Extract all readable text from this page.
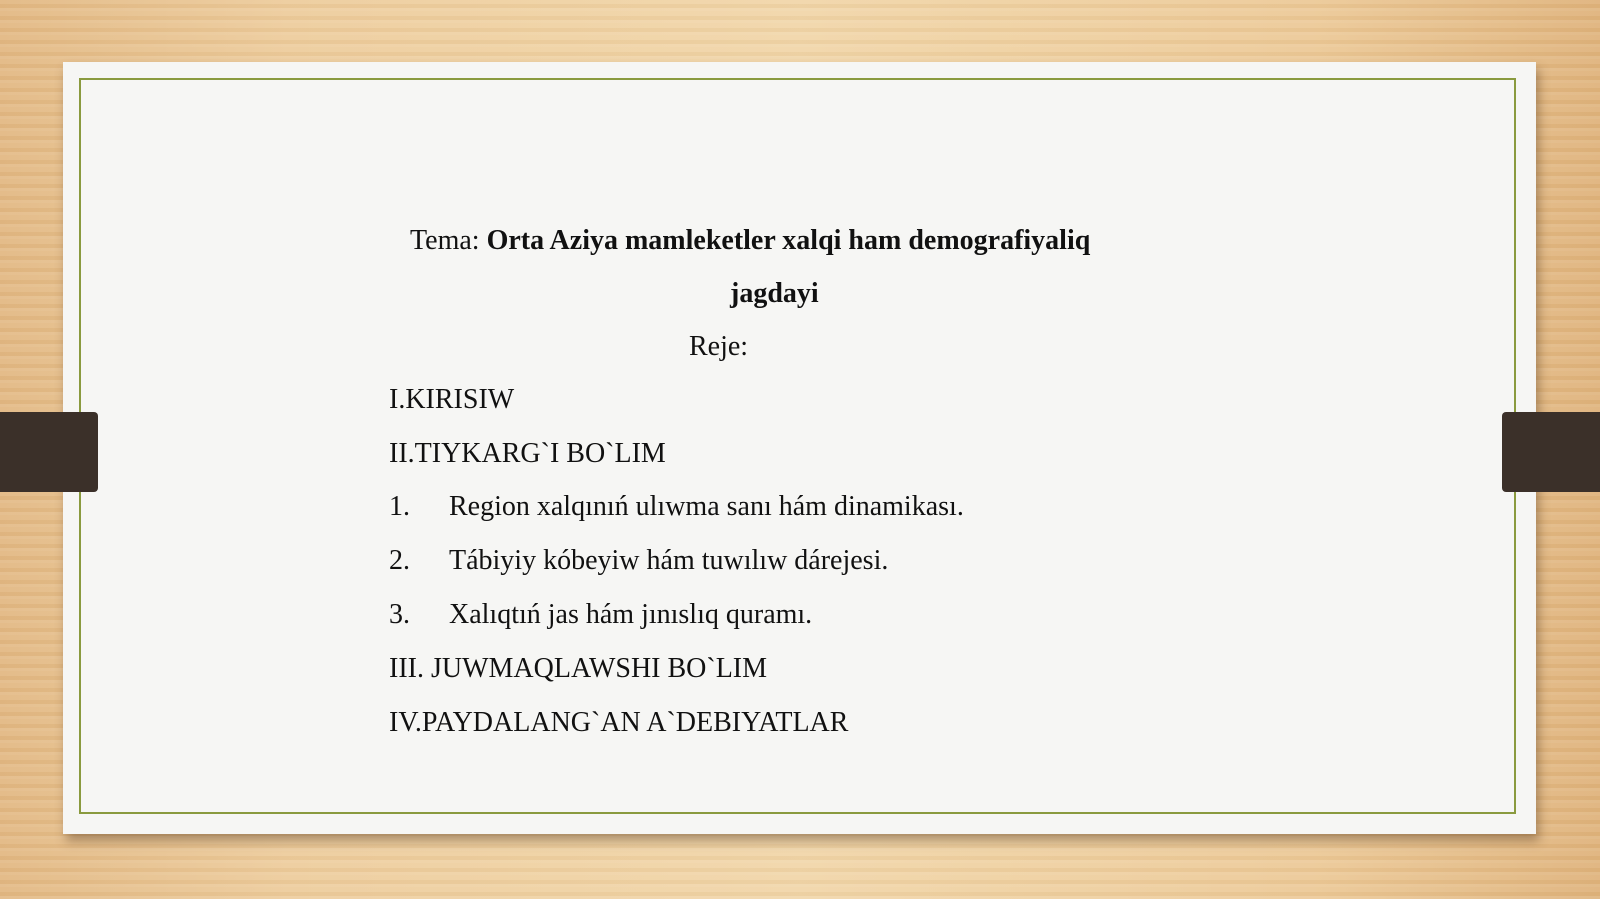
Tema: Orta Aziya mamleketler xalqi ham demografiyaliq
jagdayi
Reje:
I.KIRISIW
II.TIYKARG`I BO`LIM
1. Region xalqınıń ulıwma sanı hám dinamikası.
2. Tábiyiy kóbeyiw hám tuwılıw dárejesi.
3. Xalıqtıń jas hám jınıslıq quramı.
III. JUWMAQLAWSHI BO`LIM
IV.PAYDALANG`AN A`DEBIYATLAR
